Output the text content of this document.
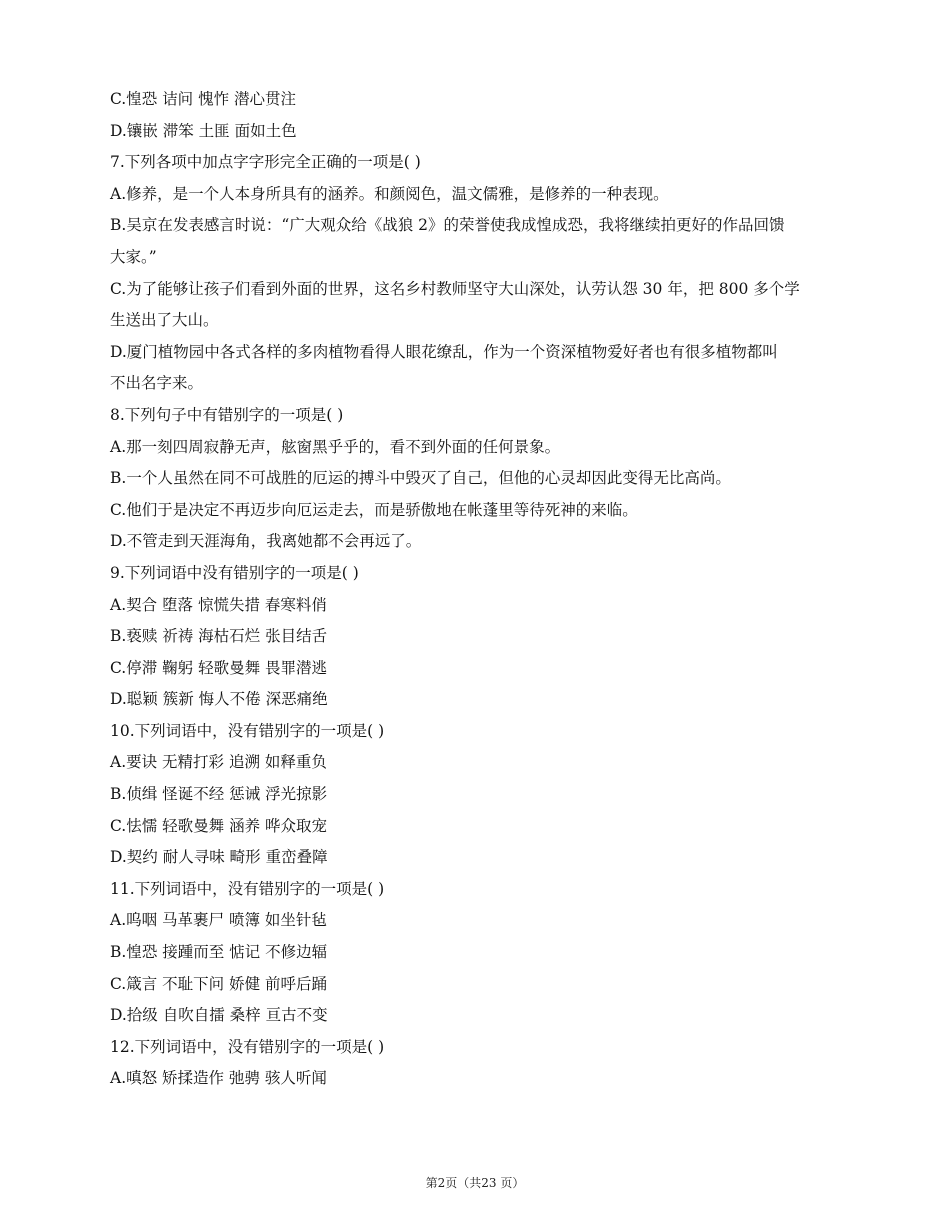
C.惶恐 诘问 愧怍 潜心贯注
D.镶嵌 滞笨 土匪 面如土色
7.下列各项中加点字字形完全正确的一项是( )
A.修养，是一个人本身所具有的涵养。和颜阅色，温文儒雅，是修养的一种表现。
B.吴京在发表感言时说：“广大观众给《战狼 2》的荣誉使我成惶成恐，我将继续拍更好的作品回馈
大家。”
C.为了能够让孩子们看到外面的世界，这名乡村教师坚守大山深处，认劳认怨 30 年，把 800 多个学
生送出了大山。
D.厦门植物园中各式各样的多肉植物看得人眼花缭乱，作为一个资深植物爱好者也有很多植物都叫
不出名字来。
8.下列句子中有错别字的一项是( )
A.那一刻四周寂静无声，舷窗黑乎乎的，看不到外面的任何景象。
B.一个人虽然在同不可战胜的厄运的搏斗中毁灭了自己，但他的心灵却因此变得无比高尚。
C.他们于是决定不再迈步向厄运走去，而是骄傲地在帐蓬里等待死神的来临。
D.不管走到天涯海角，我离她都不会再远了。
9.下列词语中没有错别字的一项是( )
A.契合 堕落 惊慌失措 春寒料俏
B.亵赎 祈祷 海枯石烂 张目结舌
C.停滞 鞠躬 轻歌曼舞 畏罪潜逃
D.聪颖 簇新 悔人不倦 深恶痛绝
10.下列词语中，没有错别字的一项是( )
A.要诀 无精打彩 追溯 如释重负
B.侦缉 怪诞不经 惩诫 浮光掠影
C.怯懦 轻歌曼舞 涵养 哗众取宠
D.契约 耐人寻味 畸形 重峦叠障
11.下列词语中，没有错别字的一项是( )
A.呜咽 马革裹尸 喷簿 如坐针毡
B.惶恐 接踵而至 惦记 不修边辐
C.箴言 不耻下问 娇健 前呼后踊
D.拾级 自吹自擂 桑梓 亘古不变
12.下列词语中，没有错别字的一项是( )
A.嗔怒 矫揉造作 弛骋 骇人听闻
第2页（共23 页）
